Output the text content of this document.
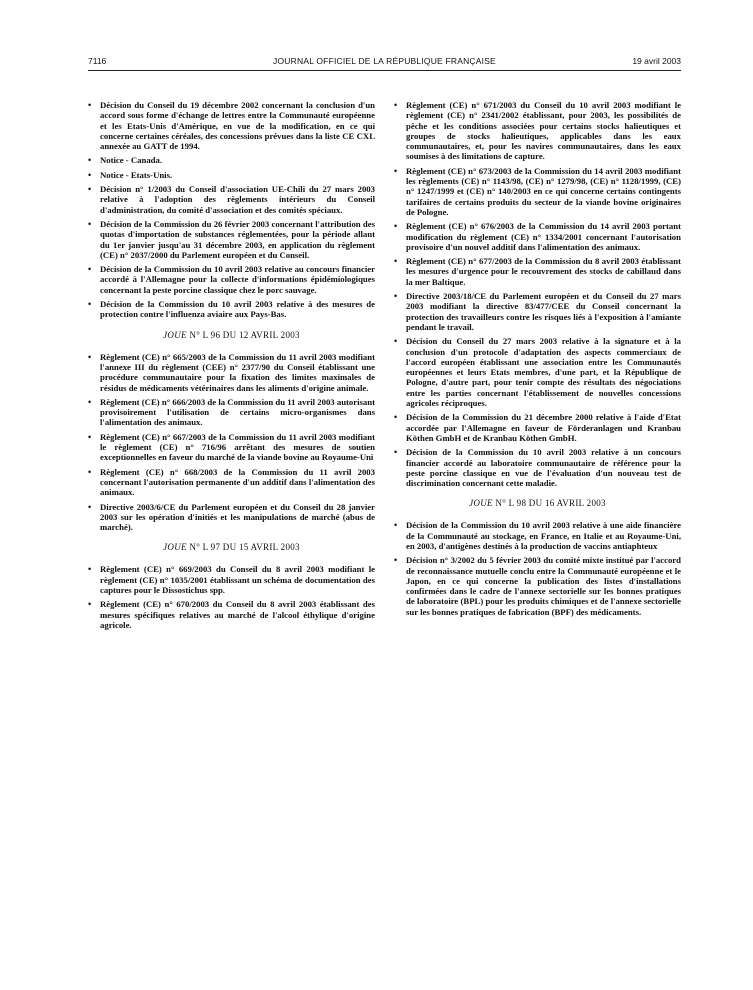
7116	JOURNAL OFFICIEL DE LA RÉPUBLIQUE FRANÇAISE	19 avril 2003
• Décision du Conseil du 19 décembre 2002 concernant la conclusion d'un accord sous forme d'échange de lettres entre la Communauté européenne et les Etats-Unis d'Amérique, en vue de la modification, en ce qui concerne certaines céréales, des concessions prévues dans la liste CE CXL annexée au GATT de 1994.
• Notice - Canada.
• Notice - Etats-Unis.
• Décision n° 1/2003 du Conseil d'association UE-Chili du 27 mars 2003 relative à l'adoption des règlements intérieurs du Conseil d'administration, du comité d'association et des comités spéciaux.
• Décision de la Commission du 26 février 2003 concernant l'attribution des quotas d'importation de substances réglementées, pour la période allant du 1er janvier jusqu'au 31 décembre 2003, en application du règlement (CE) n° 2037/2000 du Parlement européen et du Conseil.
• Décision de la Commission du 10 avril 2003 relative au concours financier accordé à l'Allemagne pour la collecte d'informations épidémiologiques concernant la peste porcine classique chez le porc sauvage.
• Décision de la Commission du 10 avril 2003 relative à des mesures de protection contre l'influenza aviaire aux Pays-Bas.
JOUE N° L 96 DU 12 AVRIL 2003
• Règlement (CE) n° 665/2003 de la Commission du 11 avril 2003 modifiant l'annexe III du règlement (CEE) n° 2377/90 du Conseil établissant une procédure communautaire pour la fixation des limites maximales de résidus de médicaments vétérinaires dans les aliments d'origine animale.
• Règlement (CE) n° 666/2003 de la Commission du 11 avril 2003 autorisant provisoirement l'utilisation de certains micro-organismes dans l'alimentation des animaux.
• Règlement (CE) n° 667/2003 de la Commission du 11 avril 2003 modifiant le règlement (CE) n° 716/96 arrêtant des mesures de soutien exceptionnelles en faveur du marché de la viande bovine au Royaume-Uni
• Règlement (CE) n° 668/2003 de la Commission du 11 avril 2003 concernant l'autorisation permanente d'un additif dans l'alimentation des animaux.
• Directive 2003/6/CE du Parlement européen et du Conseil du 28 janvier 2003 sur les opération d'initiés et les manipulations de marché (abus de marché).
JOUE N° L 97 DU 15 AVRIL 2003
• Règlement (CE) n° 669/2003 du Conseil du 8 avril 2003 modifiant le règlement (CE) n° 1035/2001 établissant un schéma de documentation des captures pour le Dissostichus spp.
• Règlement (CE) n° 670/2003 du Conseil du 8 avril 2003 établissant des mesures spécifiques relatives au marché de l'alcool éthylique d'origine agricole.
• Règlement (CE) n° 671/2003 du Conseil du 10 avril 2003 modifiant le règlement (CE) n° 2341/2002 établissant, pour 2003, les possibilités de pêche et les conditions associées pour certains stocks halieutiques et groupes de stocks halieutiques, applicables dans les eaux communautaires, et, pour les navires communautaires, dans les eaux soumises à des limitations de capture.
• Règlement (CE) n° 673/2003 de la Commission du 14 avril 2003 modifiant les règlements (CE) n° 1143/98, (CE) n° 1279/98, (CE) n° 1128/1999, (CE) n° 1247/1999 et (CE) n° 140/2003 en ce qui concerne certains contingents tarifaires de certains produits du secteur de la viande bovine originaires de Pologne.
• Règlement (CE) n° 676/2003 de la Commission du 14 avril 2003 portant modification du règlement (CE) n° 1334/2001 concernant l'autorisation provisoire d'un nouvel additif dans l'alimentation des animaux.
• Règlement (CE) n° 677/2003 de la Commission du 8 avril 2003 établissant les mesures d'urgence pour le recouvrement des stocks de cabillaud dans la mer Baltique.
• Directive 2003/18/CE du Parlement européen et du Conseil du 27 mars 2003 modifiant la directive 83/477/CEE du Conseil concernant la protection des travailleurs contre les risques liés à l'exposition à l'amiante pendant le travail.
• Décision du Conseil du 27 mars 2003 relative à la signature et à la conclusion d'un protocole d'adaptation des aspects commerciaux de l'accord européen établissant une association entre les Communautés européennes et leurs Etats membres, d'une part, et la République de Pologne, d'autre part, pour tenir compte des résultats des négociations entre les parties concernant l'établissement de nouvelles concessions agricoles réciproques.
• Décision de la Commission du 21 décembre 2000 relative à l'aide d'Etat accordée par l'Allemagne en faveur de Förderanlagen und Kranbau Köthen GmbH et de Kranbau Köthen GmbH.
• Décision de la Commission du 10 avril 2003 relative à un concours financier accordé au laboratoire communautaire de référence pour la peste porcine classique en vue de l'évaluation d'un nouveau test de discrimination concernant cette maladie.
JOUE N° L 98 DU 16 AVRIL 2003
• Décision de la Commission du 10 avril 2003 relative à une aide financière de la Communauté au stockage, en France, en Italie et au Royaume-Uni, en 2003, d'antigènes destinés à la production de vaccins antiaphteux
• Décision n° 3/2002 du 5 février 2003 du comité mixte institué par l'accord de reconnaissance mutuelle conclu entre la Communauté européenne et le Japon, en ce qui concerne la publication des listes d'installations confirmées dans le cadre de l'annexe sectorielle sur les bonnes pratiques de laboratoire (BPL) pour les produits chimiques et de l'annexe sectorielle sur les bonnes pratiques de fabrication (BPF) des médicaments.
